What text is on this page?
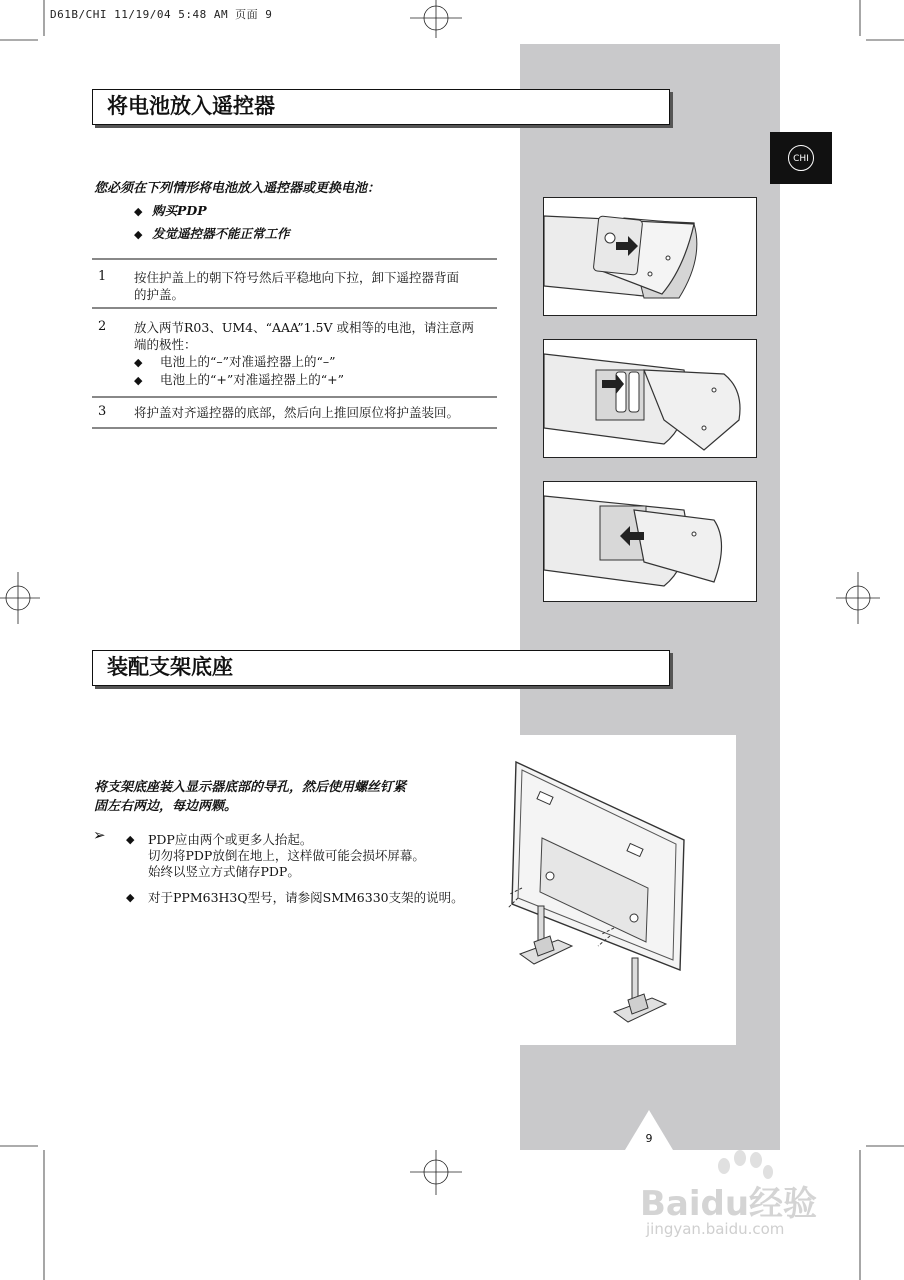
D61B/CHI 11/19/04 5:48 AM 页面 9
CHI
将电池放入遥控器
您必须在下列情形将电池放入遥控器或更换电池：
◆ 购买PDP
◆ 发觉遥控器不能正常工作
1 按住护盖上的朝下符号然后平稳地向下拉，卸下遥控器背面
的护盖。
2 放入两节R03、UM4、“AAA”1.5V 或相等的电池，请注意两
端的极性：
◆ 电池上的“–”对准遥控器上的“–”
◆ 电池上的“+”对准遥控器上的“+”
3 将护盖对齐遥控器的底部，然后向上推回原位将护盖装回。
装配支架底座
将支架底座装入显示器底部的导孔，然后使用螺丝钉紧
固左右两边，每边两颗。
➢ ◆ PDP应由两个或更多人抬起。
切勿将PDP放倒在地上，这样做可能会损坏屏幕。
始终以竖立方式储存PDP。
◆ 对于PPM63H3Q型号，请参阅SMM6330支架的说明。
9
Baidu经验
jingyan.baidu.com
